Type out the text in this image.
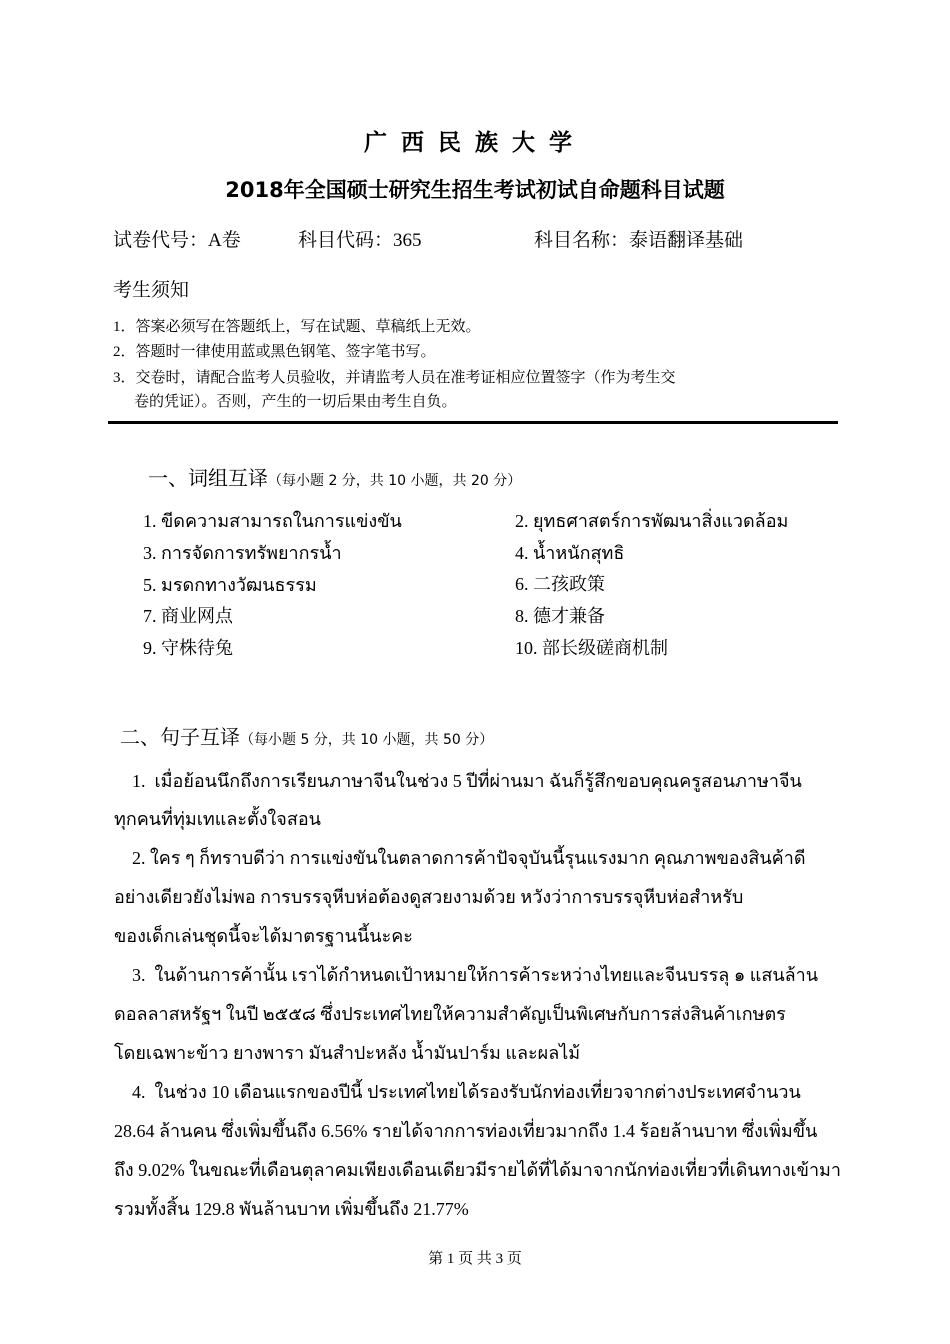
广西民族大学
2018年全国硕士研究生招生考试初试自命题科目试题
试卷代号：A卷	科目代码：365	科目名称：泰语翻译基础
考生须知
1．答案必须写在答题纸上，写在试题、草稿纸上无效。
2．答题时一律使用蓝或黑色钢笔、签字笔书写。
3．交卷时，请配合监考人员验收，并请监考人员在准考证相应位置签字（作为考生交
卷的凭证）。否则，产生的一切后果由考生自负。
一、词组互译（每小题 2 分，共 10 小题，共 20 分）
1. ขีดความสามารถในการแข่งขัน	2. ยุทธศาสตร์การพัฒนาสิ่งแวดล้อม
3. การจัดการทรัพยากรน้ำ	4. น้ำหนักสุทธิ
5. มรดกทางวัฒนธรรม	6. 二孩政策
7. 商业网点	8. 德才兼备
9. 守株待兔	10. 部长级磋商机制
二、句子互译（每小题 5 分，共 10 小题，共 50 分）
1.  เมื่อย้อนนึกถึงการเรียนภาษาจีนในช่วง 5 ปีที่ผ่านมา ฉันก็รู้สึกขอบคุณครูสอนภาษาจีน
ทุกคนที่ทุ่มเทและตั้งใจสอน
2. ใคร ๆ ก็ทราบดีว่า การแข่งขันในตลาดการค้าปัจจุบันนี้รุนแรงมาก คุณภาพของสินค้าดี
อย่างเดียวยังไม่พอ การบรรจุหีบห่อต้องดูสวยงามด้วย หวังว่าการบรรจุหีบห่อสำหรับ
ของเด็กเล่นชุดนี้จะได้มาตรฐานนี้นะคะ
3.  ในด้านการค้านั้น เราได้กำหนดเป้าหมายให้การค้าระหว่างไทยและจีนบรรลุ ๑ แสนล้าน
ดอลลาสหรัฐฯ ในปี ๒๕๕๘ ซึ่งประเทศไทยให้ความสำคัญเป็นพิเศษกับการส่งสินค้าเกษตร
โดยเฉพาะข้าว ยางพารา มันสำปะหลัง น้ำมันปาร์ม และผลไม้
4.  ในช่วง 10 เดือนแรกของปีนี้ ประเทศไทยได้รองรับนักท่องเที่ยวจากต่างประเทศจำนวน
28.64 ล้านคน ซึ่งเพิ่มขึ้นถึง 6.56% รายได้จากการท่องเที่ยวมากถึง 1.4 ร้อยล้านบาท ซึ่งเพิ่มขึ้น
ถึง 9.02% ในขณะที่เดือนตุลาคมเพียงเดือนเดียวมีรายได้ที่ได้มาจากนักท่องเที่ยวที่เดินทางเข้ามา
รวมทั้งสิ้น 129.8 พันล้านบาท เพิ่มขึ้นถึง 21.77%
第 1 页 共 3 页
